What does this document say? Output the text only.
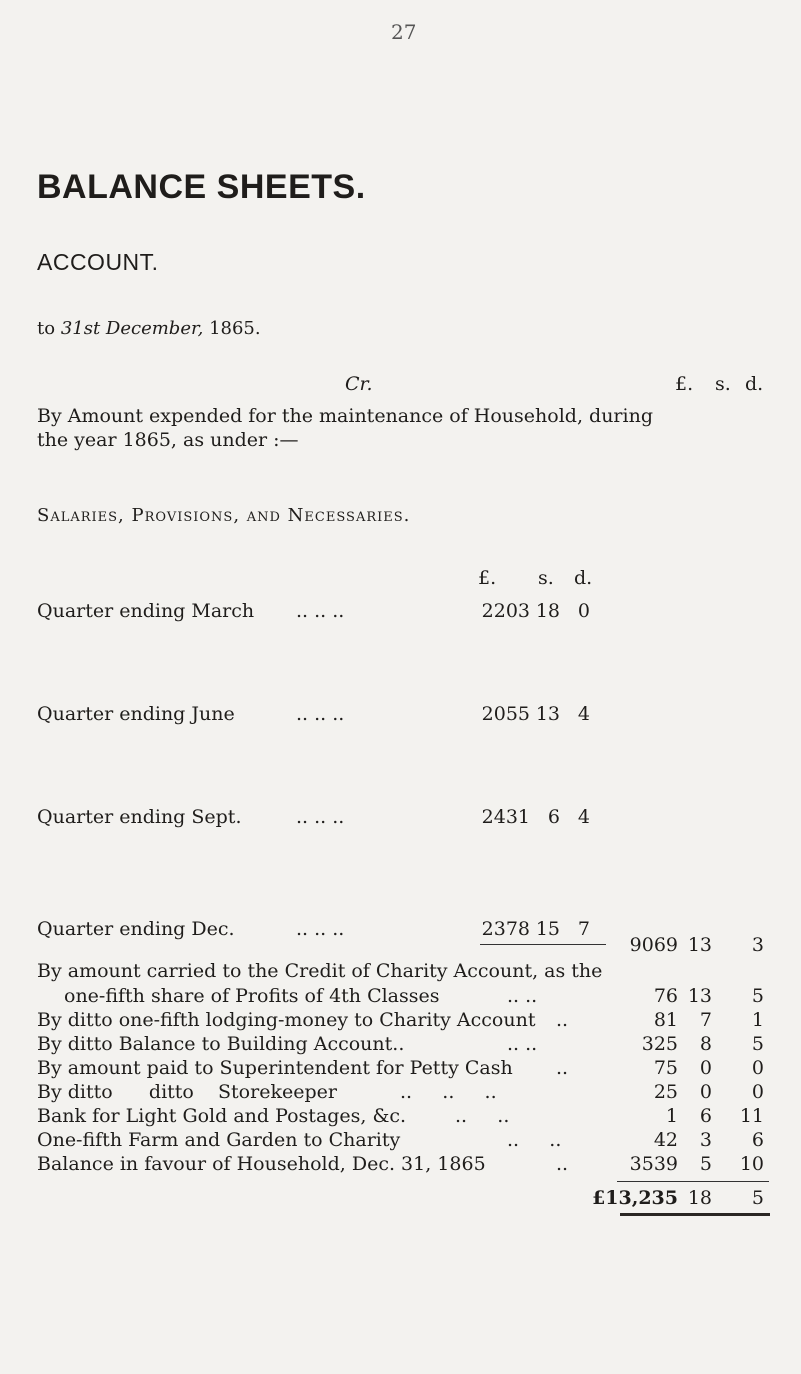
27
BALANCE SHEETS.
ACCOUNT.
to 31st December, 1865.
Cr.	£. s. d.
By Amount expended for the maintenance of Household, during
the year 1865, as under :—
Salaries, Provisions, and Necessaries.
£. s. d.
Quarter ending March .. .. ..	2203 18 0
Quarter ending June	.. .. ..	2055 13 4
Quarter ending Sept.	.. .. ..	2431 6 4
Quarter ending Dec.	.. .. ..	2378 15 7
9069 13	3
By amount carried to the Credit of Charity Account, as the
one-fifth share of Profits of 4th Classes	.. ..	76 13	5
By ditto one-fifth lodging-money to Charity Account ..	81	7	1
By ditto Balance to Building Account..	.. ..	325	8	5
By amount paid to Superintendent for Petty Cash ..	75	0	0
By ditto      ditto    Storekeeper	..     ..     ..	25	0	0
Bank for Light Gold and Postages, &c.	..     ..	1	6	11
One-fifth Farm and Garden to Charity	..     ..	42	3	6
Balance in favour of Household, Dec. 31, 1865	..	3539	5	10
£13,235 18	5
